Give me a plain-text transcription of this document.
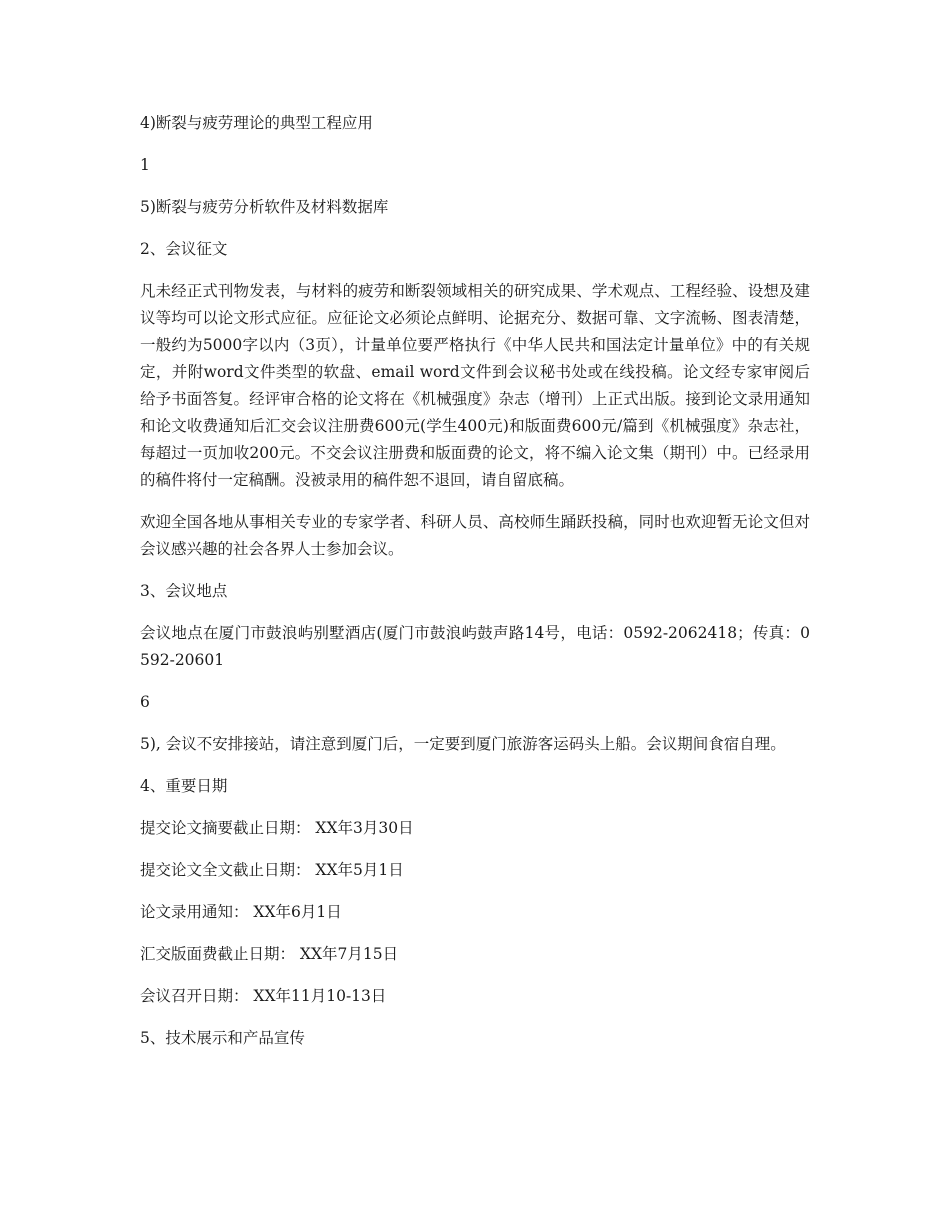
4)断裂与疲劳理论的典型工程应用

1

5)断裂与疲劳分析软件及材料数据库

2、会议征文

凡未经正式刊物发表，与材料的疲劳和断裂领域相关的研究成果、学术观点、工程经验、设想及建议等均可以论文形式应征。应征论文必须论点鲜明、论据充分、数据可靠、文字流畅、图表清楚，一般约为5000字以内（3页），计量单位要严格执行《中华人民共和国法定计量单位》中的有关规定，并附word文件类型的软盘、email word文件到会议秘书处或在线投稿。论文经专家审阅后给予书面答复。经评审合格的论文将在《机械强度》杂志（增刊）上正式出版。接到论文录用通知和论文收费通知后汇交会议注册费600元(学生400元)和版面费600元/篇到《机械强度》杂志社，每超过一页加收200元。不交会议注册费和版面费的论文，将不编入论文集（期刊）中。已经录用的稿件将付一定稿酬。没被录用的稿件恕不退回，请自留底稿。

欢迎全国各地从事相关专业的专家学者、科研人员、高校师生踊跃投稿，同时也欢迎暂无论文但对会议感兴趣的社会各界人士参加会议。

3、会议地点

会议地点在厦门市鼓浪屿别墅酒店(厦门市鼓浪屿鼓声路14号，电话：0592-2062418；传真：0592-20601

6

5), 会议不安排接站，请注意到厦门后，一定要到厦门旅游客运码头上船。会议期间食宿自理。

4、重要日期

提交论文摘要截止日期： XX年3月30日

提交论文全文截止日期： XX年5月1日

论文录用通知： XX年6月1日

汇交版面费截止日期： XX年7月15日

会议召开日期： XX年11月10-13日

5、技术展示和产品宣传
